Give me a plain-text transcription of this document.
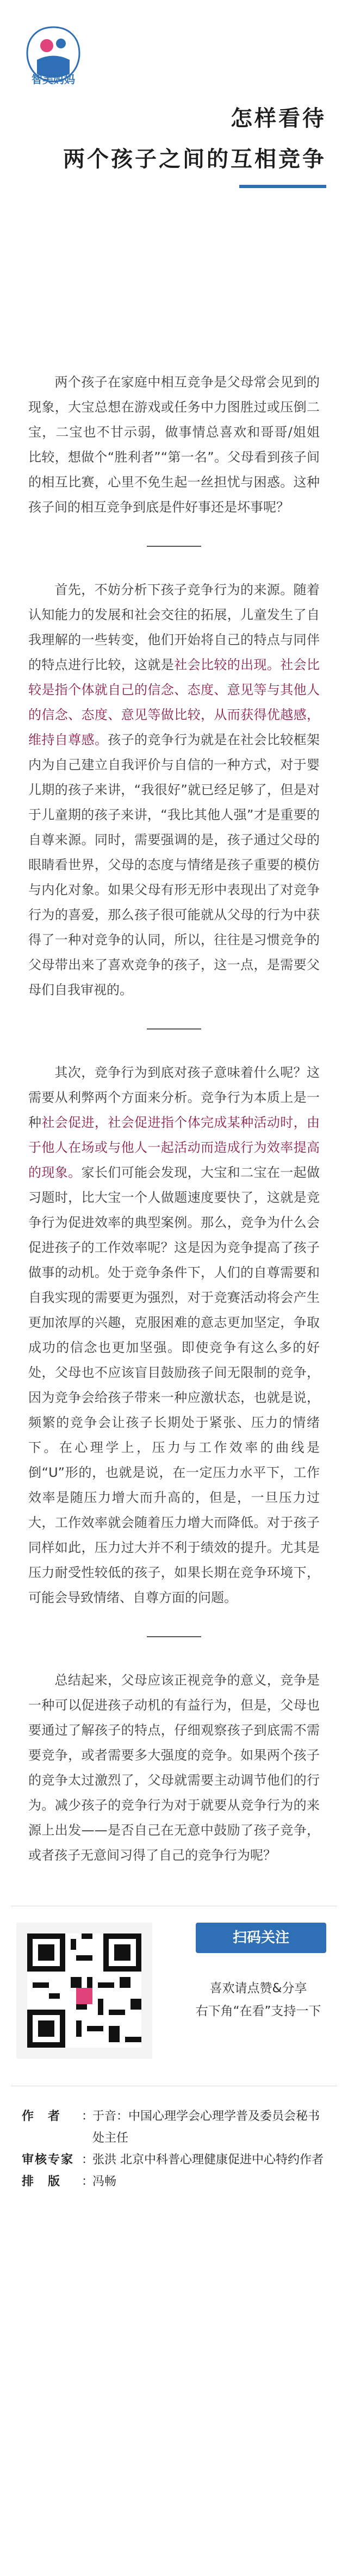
智美妈妈
怎样看待
两个孩子之间的互相竞争

两个孩子在家庭中相互竞争是父母常会见到的现象，大宝总想在游戏或任务中力图胜过或压倒二宝，二宝也不甘示弱，做事情总喜欢和哥哥/姐姐比较，想做个“胜利者”“第一名”。父母看到孩子间的相互比赛，心里不免生起一丝担忧与困惑。这种孩子间的相互竞争到底是件好事还是坏事呢？

首先，不妨分析下孩子竞争行为的来源。随着认知能力的发展和社会交往的拓展，儿童发生了自我理解的一些转变，他们开始将自己的特点与同伴的特点进行比较，这就是社会比较的出现。社会比较是指个体就自己的信念、态度、意见等与其他人的信念、态度、意见等做比较，从而获得优越感，维持自尊感。孩子的竞争行为就是在社会比较框架内为自己建立自我评价与自信的一种方式，对于婴儿期的孩子来讲，“我很好”就已经足够了，但是对于儿童期的孩子来讲，“我比其他人强”才是重要的自尊来源。同时，需要强调的是，孩子通过父母的眼睛看世界，父母的态度与情绪是孩子重要的模仿与内化对象。如果父母有形无形中表现出了对竞争行为的喜爱，那么孩子很可能就从父母的行为中获得了一种对竞争的认同，所以，往往是习惯竞争的父母带出来了喜欢竞争的孩子，这一点，是需要父母们自我审视的。

其次，竞争行为到底对孩子意味着什么呢？这需要从利弊两个方面来分析。竞争行为本质上是一种社会促进，社会促进指个体完成某种活动时，由于他人在场或与他人一起活动而造成行为效率提高的现象。家长们可能会发现，大宝和二宝在一起做习题时，比大宝一个人做题速度要快了，这就是竞争行为促进效率的典型案例。那么，竞争为什么会促进孩子的工作效率呢？这是因为竞争提高了孩子做事的动机。处于竞争条件下，人们的自尊需要和自我实现的需要更为强烈，对于竞赛活动将会产生更加浓厚的兴趣，克服困难的意志更加坚定，争取成功的信念也更加坚强。即使竞争有这么多的好处，父母也不应该盲目鼓励孩子间无限制的竞争，因为竞争会给孩子带来一种应激状态，也就是说，频繁的竞争会让孩子长期处于紧张、压力的情绪下。在心理学上，压力与工作效率的曲线是倒“U”形的，也就是说，在一定压力水平下，工作效率是随压力增大而升高的，但是，一旦压力过大，工作效率就会随着压力增大而降低。对于孩子同样如此，压力过大并不利于绩效的提升。尤其是压力耐受性较低的孩子，如果长期在竞争环境下，可能会导致情绪、自尊方面的问题。

总结起来，父母应该正视竞争的意义，竞争是一种可以促进孩子动机的有益行为，但是，父母也要通过了解孩子的特点，仔细观察孩子到底需不需要竞争，或者需要多大强度的竞争。如果两个孩子的竞争太过激烈了，父母就需要主动调节他们的行为。减少孩子的竞争行为对于就要从竞争行为的来源上出发——是否自己在无意中鼓励了孩子竞争，或者孩子无意间习得了自己的竞争行为呢？

扫码关注
喜欢请点赞&分享
右下角“在看”支持一下
作　者	：
于音：中国心理学会心理学普及委员会秘书处主任
审核专家 ：
张洪 北京中科普心理健康促进中心特约作者
排　版	：
冯畅
